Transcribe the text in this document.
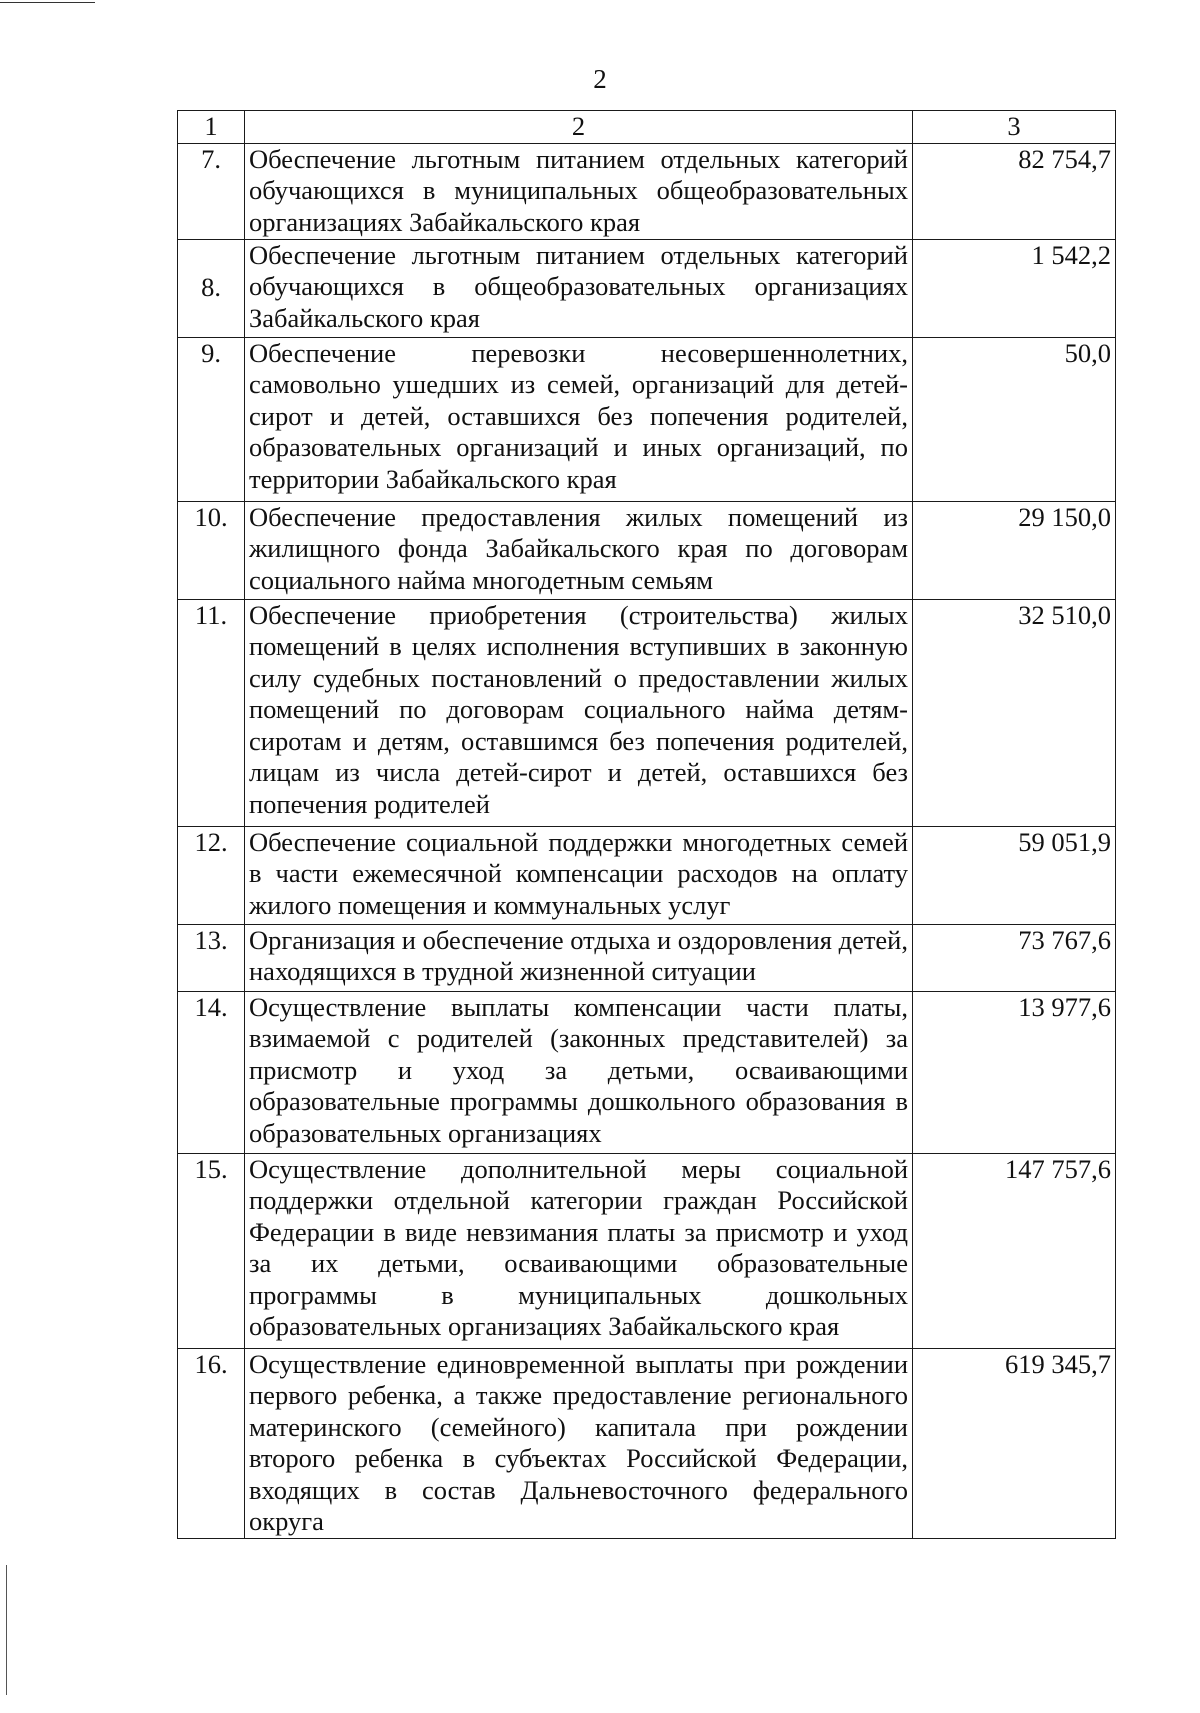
2
1	2	3
7.	Обеспечение льготным питанием отдельных категорий обучающихся в муниципальных общеобразовательных организациях Забайкальского края	82 754,7
8.	Обеспечение льготным питанием отдельных категорий обучающихся в общеобразовательных организациях Забайкальского края	1 542,2
9.	Обеспечение перевозки несовершеннолетних, самовольно ушедших из семей, организаций для детей-сирот и детей, оставшихся без попечения родителей, образовательных организаций и иных организаций, по территории Забайкальского края	50,0
10.	Обеспечение предоставления жилых помещений из жилищного фонда Забайкальского края по договорам социального найма многодетным семьям	29 150,0
11.	Обеспечение приобретения (строительства) жилых помещений в целях исполнения вступивших в законную силу судебных постановлений о предоставлении жилых помещений по договорам социального найма детям-сиротам и детям, оставшимся без попечения родителей, лицам из числа детей-сирот и детей, оставшихся без попечения родителей	32 510,0
12.	Обеспечение социальной поддержки многодетных семей в части ежемесячной компенсации расходов на оплату жилого помещения и коммунальных услуг	59 051,9
13.	Организация и обеспечение отдыха и оздоровления детей, находящихся в трудной жизненной ситуации	73 767,6
14.	Осуществление выплаты компенсации части платы, взимаемой с родителей (законных представителей) за присмотр и уход за детьми, осваивающими образовательные программы дошкольного образования в образовательных организациях	13 977,6
15.	Осуществление дополнительной меры социальной поддержки отдельной категории граждан Российской Федерации в виде невзимания платы за присмотр и уход за их детьми, осваивающими образовательные программы в муниципальных дошкольных образовательных организациях Забайкальского края	147 757,6
16.	Осуществление единовременной выплаты при рождении первого ребенка, а также предоставление регионального материнского (семейного) капитала при рождении второго ребенка в субъектах Российской Федерации, входящих в состав Дальневосточного федерального округа	619 345,7
